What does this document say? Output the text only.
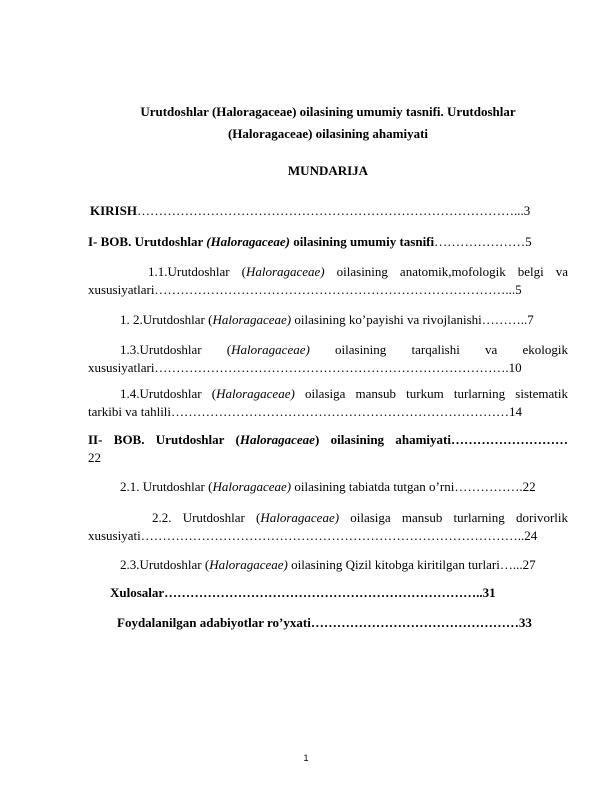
Urutdoshlar (Haloragaceae) oilasining umumiy tasnifi. Urutdoshlar
(Haloragaceae) oilasining ahamiyati
MUNDARIJA
KIRISH……………………………………………………………………………...3
I- BOB. Urutdoshlar (Haloragaceae) oilasining umumiy tasnifi…………………5
1.1.Urutdoshlar (Haloragaceae) oilasining anatomik,mofologik belgi va
xususiyatlari………………………………………………………………………...5
1. 2.Urutdoshlar (Haloragaceae) oilasining ko’payishi va rivojlanishi………..7
1.3.Urutdoshlar (Haloragaceae) oilasining tarqalishi va ekologik
xususiyatlari……………………………………………………………………….10
1.4.Urutdoshlar (Haloragaceae) oilasiga mansub turkum turlarning sistematik
tarkibi va tahlili……………………………………………………………………14
II- BOB. Urutdoshlar (Haloragaceae) oilasining ahamiyati………………………
22
2.1. Urutdoshlar (Haloragaceae) oilasining tabiatda tutgan o’rni…………….22
2.2. Urutdoshlar (Haloragaceae) oilasiga mansub turlarning dorivorlik
xususiyati……………………………………………………………………………..24
2.3.Urutdoshlar (Haloragaceae) oilasining Qizil kitobga kiritilgan turlari…...27
Xulosalar………………………………………………………………..31
Foydalanilgan adabiyotlar ro’yxati…………………………………………33
1
